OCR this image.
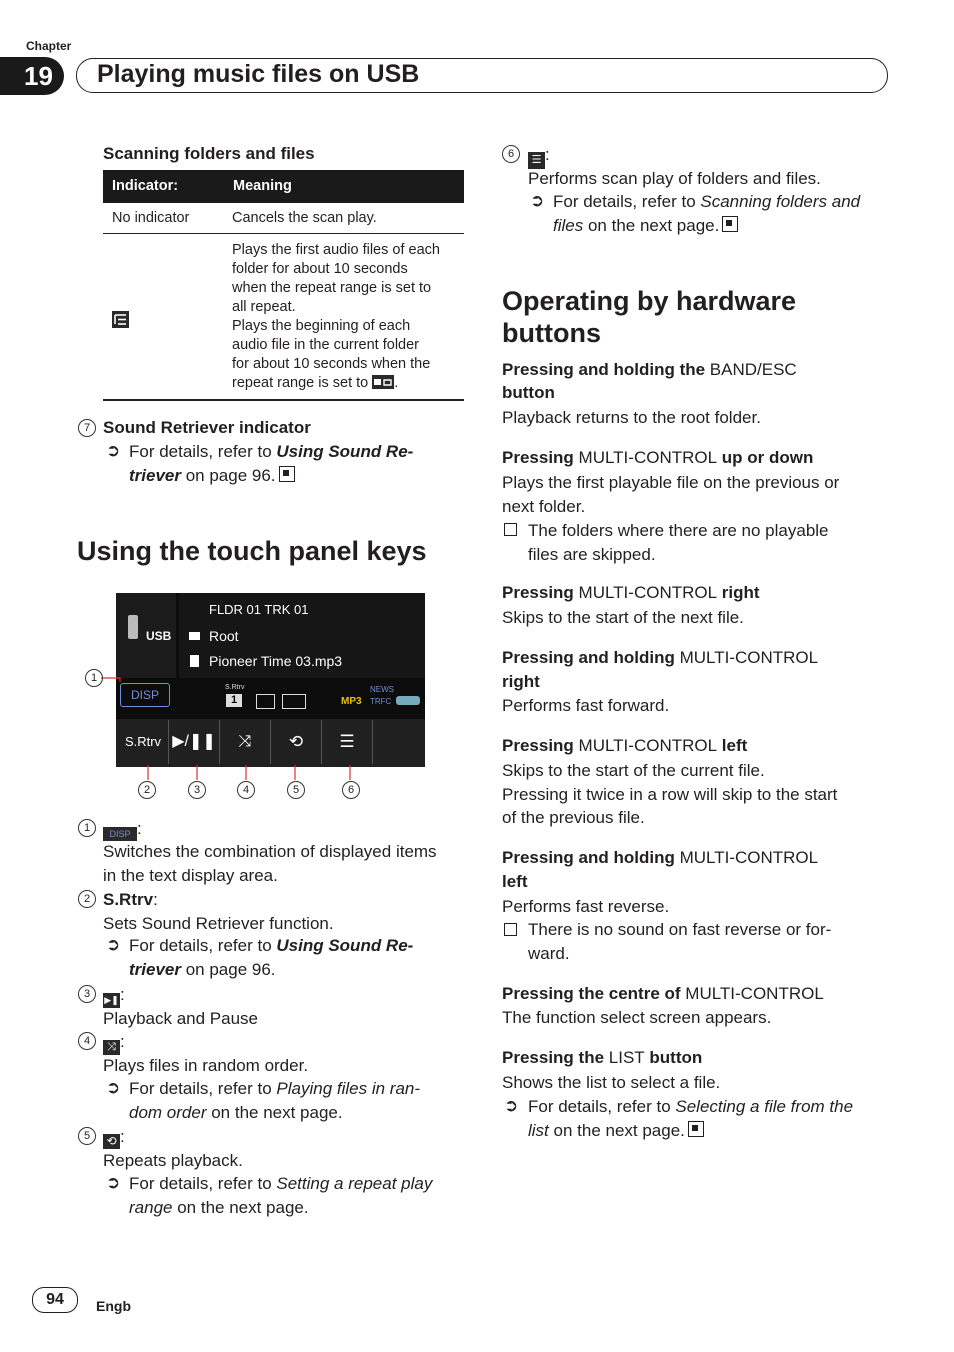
Chapter
19	Playing music files on USB
Scanning folders and files
Indicator:	Meaning
No indicator	Cancels the scan play.
Plays the first audio files of each
folder for about 10 seconds
when the repeat range is set to
all repeat.
Plays the beginning of each
audio file in the current folder
for about 10 seconds when the
repeat range is set to .
7 Sound Retriever indicator
➲ For details, refer to Using Sound Re-
triever on page 96.
Using the touch panel keys
USB
FLDR 01 TRK 01
Root
Pioneer Time 03.mp3
DISP
S.Rtrv
1	MP3
NEWS
TRFC
S.Rtrv ▶/❚❚	⤨	⟲	☰
1
2	3	4	5	6
1	DISP :
Switches the combination of displayed items
in the text display area.
2 S.Rtrv:
Sets Sound Retriever function.
➲ For details, refer to Using Sound Re-
triever on page 96.
3	▶❚:
Playback and Pause
4	⤨ :
Plays files in random order.
➲ For details, refer to Playing files in ran-
dom order on the next page.
5	⟲ :
Repeats playback.
➲ For details, refer to Setting a repeat play
range on the next page.
6	☰ :
Performs scan play of folders and files.
➲ For details, refer to Scanning folders and
files on the next page.
Operating by hardware
buttons
Pressing and holding the BAND/ESC
button
Playback returns to the root folder.
Pressing MULTI-CONTROL up or down
Plays the first playable file on the previous or
next folder.
The folders where there are no playable
files are skipped.
Pressing MULTI-CONTROL right
Skips to the start of the next file.
Pressing and holding MULTI-CONTROL
right
Performs fast forward.
Pressing MULTI-CONTROL left
Skips to the start of the current file.
Pressing it twice in a row will skip to the start
of the previous file.
Pressing and holding MULTI-CONTROL
left
Performs fast reverse.
There is no sound on fast reverse or for-
ward.
Pressing the centre of MULTI-CONTROL
The function select screen appears.
Pressing the LIST button
Shows the list to select a file.
➲ For details, refer to Selecting a file from the
list on the next page.
94	Engb
